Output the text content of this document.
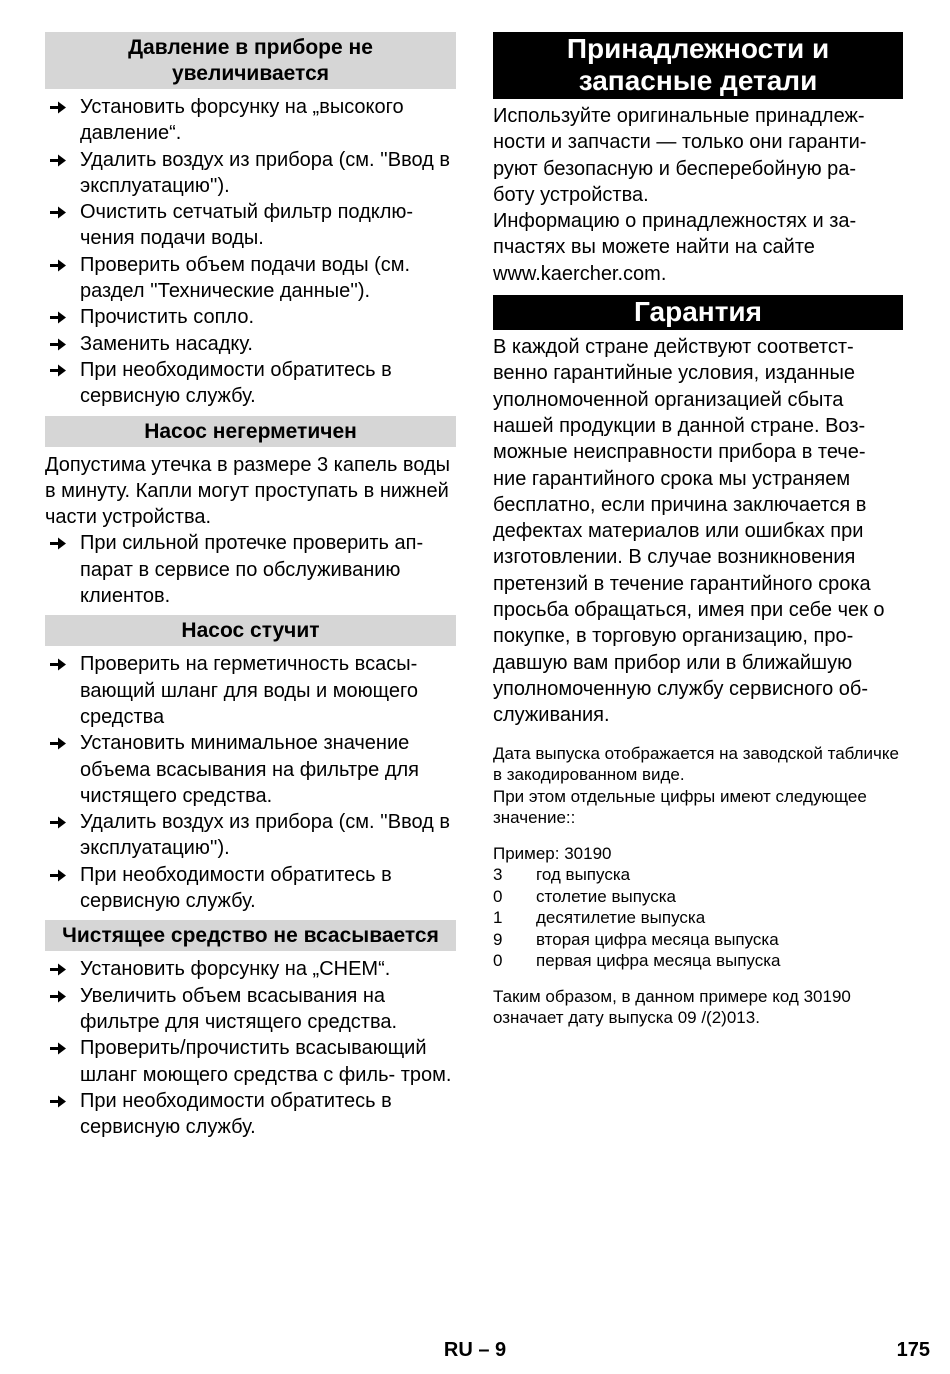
Давление в приборе не увеличивается
Установить форсунку на „высокого давление“.
Удалить воздух из прибора (см. ''Ввод в эксплуатацию'').
Очистить сетчатый фильтр подклю- чения подачи воды.
Проверить объем подачи воды (см. раздел ''Технические данные'').
Прочистить сопло.
Заменить насадку.
При необходимости обратитесь в сервисную службу.
Насос негерметичен

Допустима утечка в размере 3 капель воды в минуту. Капли могут проступать в нижней части устройства.

При сильной протечке проверить ап- парат в сервисе по обслуживанию клиентов.
Насос стучит
Проверить на герметичность всасы- вающий шланг для воды и моющего средства
Установить минимальное значение объема всасывания на фильтре для чистящего средства.
Удалить воздух из прибора (см. ''Ввод в эксплуатацию'').
При необходимости обратитесь в сервисную службу.
Чистящее средство не всасывается
Установить форсунку на „CHEM“.
Увеличить объем всасывания на фильтре для чистящего средства.
Проверить/прочистить всасывающий шланг моющего средства с филь- тром.
При необходимости обратитесь в сервисную службу.
Принадлежности и запасные детали

Используйте оригинальные принадлеж- ности и запчасти — только они гаранти- руют безопасную и бесперебойную ра- боту устройства.

Информацию о принадлежностях и за- пчастях вы можете найти на сайте www.kaercher.com.

Гарантия

В каждой стране действуют соответст- венно гарантийные условия, изданные уполномоченной организацией сбыта нашей продукции в данной стране. Воз- можные неисправности прибора в тече- ние гарантийного срока мы устраняем бесплатно, если причина заключается в дефектах материалов или ошибках при изготовлении. В случае возникновения претензий в течение гарантийного срока просьба обращаться, имея при себе чек о покупке, в торговую организацию, про- давшую вам прибор или в ближайшую уполномоченную службу сервисного об- служивания.

Дата выпуска отображается на заводской табличке в закодированном виде.

При этом отдельные цифры имеют следующее значение::

Пример: 30190

3	год выпуска
0	столетие выпуска
1	десятилетие выпуска
9	вторая цифра месяца выпуска
0	первая цифра месяца выпуска

Таким образом, в данном примере код 30190 означает дату выпуска 09 /(2)013.

RU – 9	175
